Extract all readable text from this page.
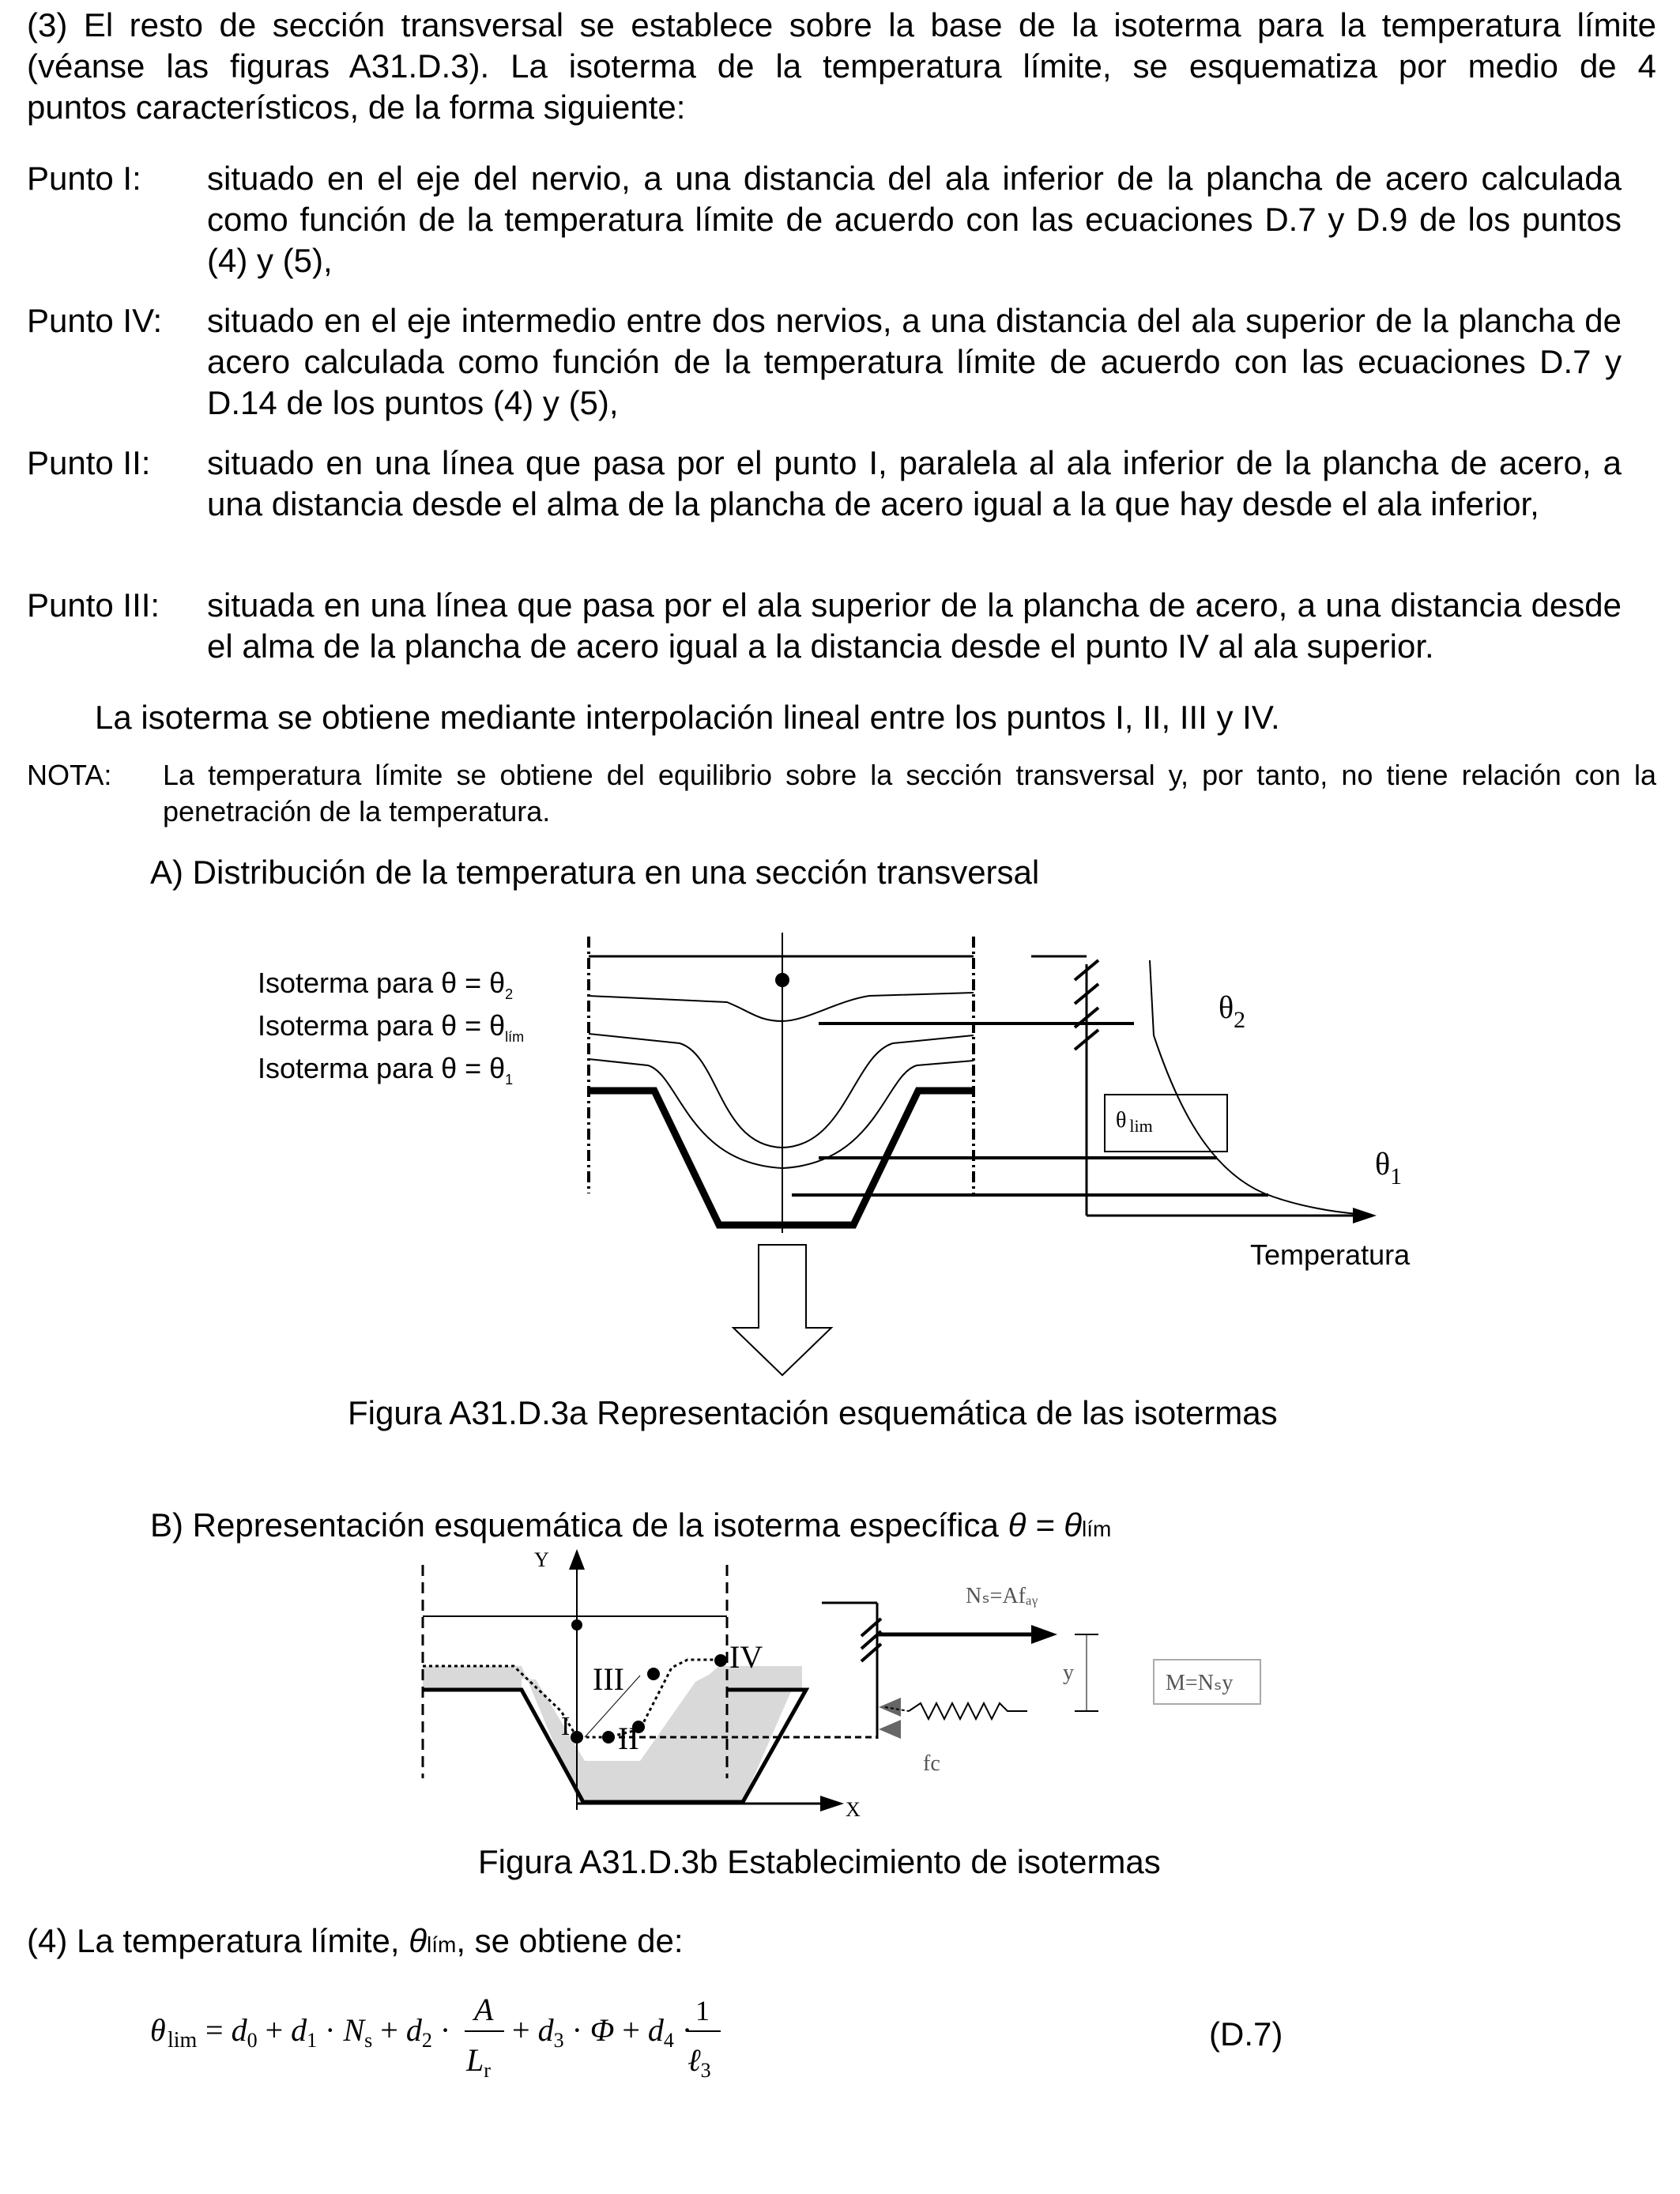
(3) El resto de sección transversal se establece sobre la base de la isoterma para la temperatura límite
(véanse las figuras A31.D.3). La isoterma de la temperatura límite, se esquematiza por medio de 4
puntos característicos, de la forma siguiente:
Punto I: situado en el eje del nervio, a una distancia del ala inferior de la plancha de acero calculada como función de la temperatura límite de acuerdo con las ecuaciones D.7 y D.9 de los puntos (4) y (5),
Punto IV: situado en el eje intermedio entre dos nervios, a una distancia del ala superior de la plancha de acero calculada como función de la temperatura límite de acuerdo con las ecuaciones D.7 y D.14 de los puntos (4) y (5),
Punto II: situado en una línea que pasa por el punto I, paralela al ala inferior de la plancha de acero, a una distancia desde el alma de la plancha de acero igual a la que hay desde el ala inferior,
Punto III: situada en una línea que pasa por el ala superior de la plancha de acero, a una distancia desde el alma de la plancha de acero igual a la distancia desde el punto IV al ala superior.
La isoterma se obtiene mediante interpolación lineal entre los puntos I, II, III y IV.
NOTA: La temperatura límite se obtiene del equilibrio sobre la sección transversal y, por tanto, no tiene relación con la penetración de la temperatura.
A) Distribución de la temperatura en una sección transversal
Isoterma para $\theta = \theta_2$
Isoterma para $\theta = \theta_{lím}$
Isoterma para $\theta = \theta_1$
θ $_{lim}$
$\theta_2$
$\theta_1$
Temperatura
Figura A31.D.3a Representación esquemática de las isotermas
B) Representación esquemática de la isoterma específica θ = θlím
Y
X
I II
III
IV
Nₛ=Afₐᵧ
y
fc
M=Nₛy
Figura A31.D.3b Establecimiento de isotermas
(4) La temperatura límite, θlím, se obtiene de:
θ $\lim = d_0 + d_1 \cdot N_s + d_2$ ·
A
$L_r$
+ $d_3 \cdot \Phi + d_4$ ·
1
ℓ$_3$
(D.7)
